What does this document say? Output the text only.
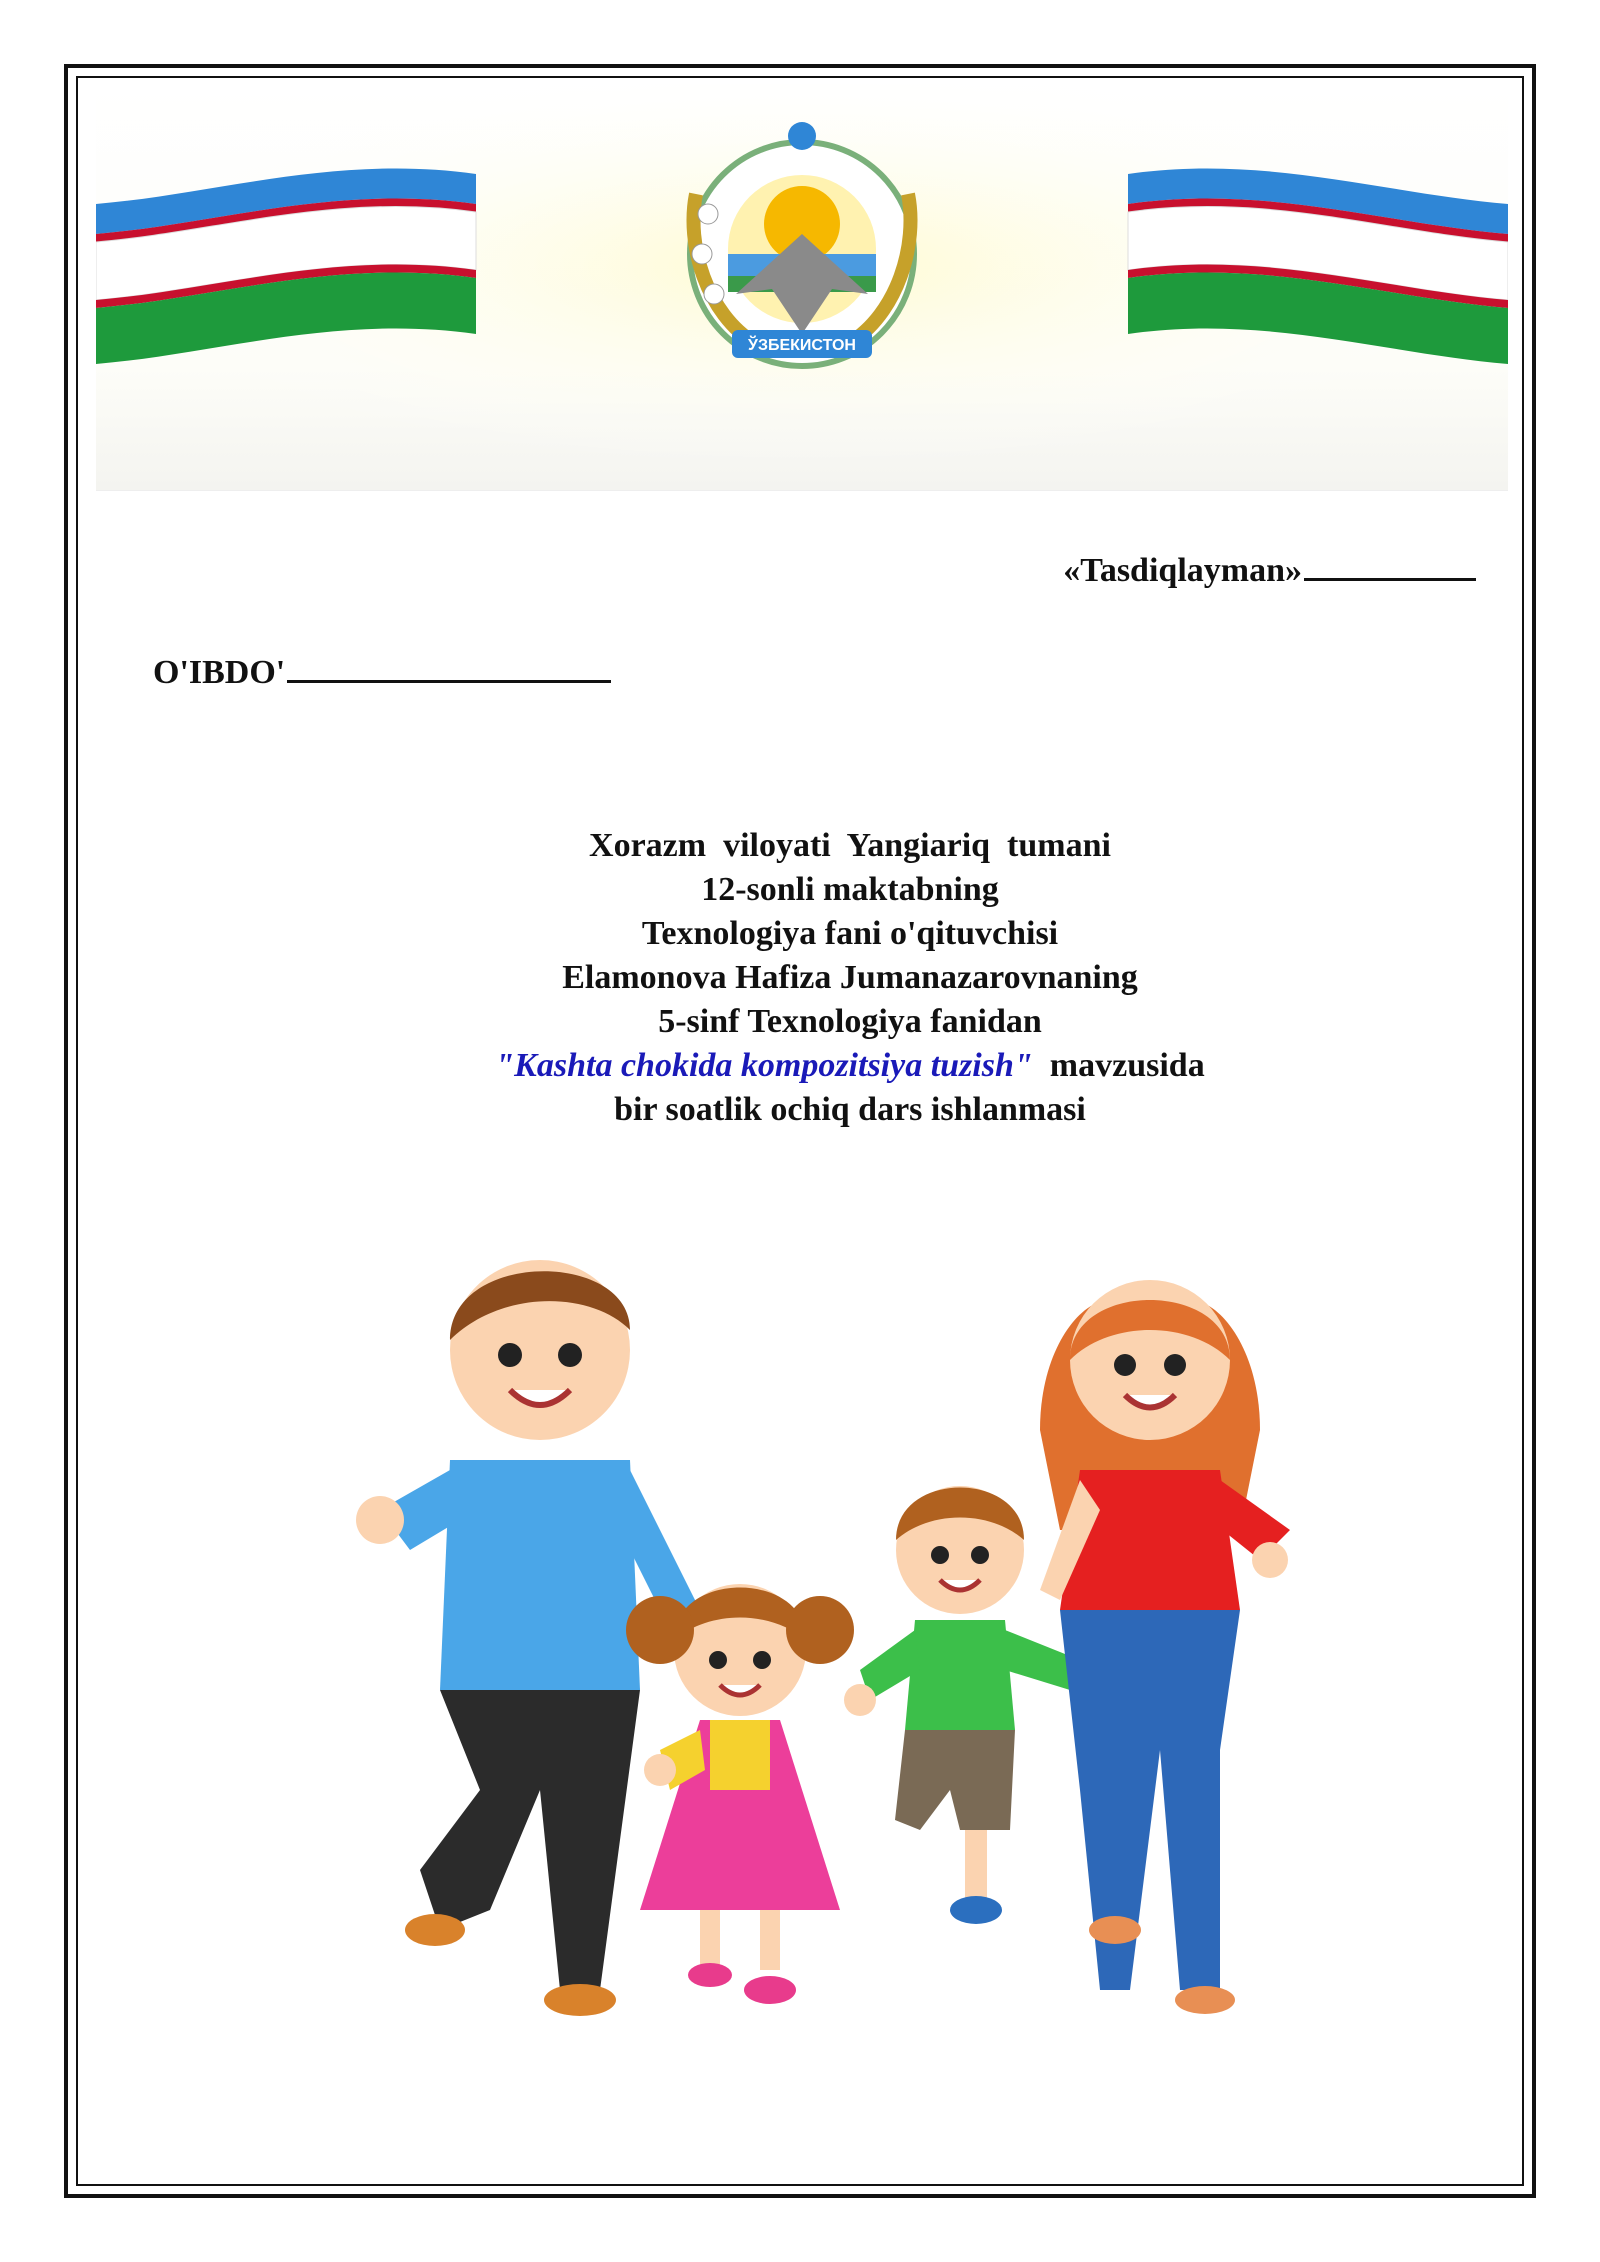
ЎЗБЕКИСТОН
«Tasdiqlayman»
O'IBDO'
Xorazm  viloyati  Yangiariq  tumani
12-sonli maktabning
Texnologiya fani o'qituvchisi
Elamonova Hafiza Jumanazarovnaning
5-sinf Texnologiya fanidan
"Kashta chokida kompozitsiya tuzish"  mavzusida
bir soatlik ochiq dars ishlanmasi
